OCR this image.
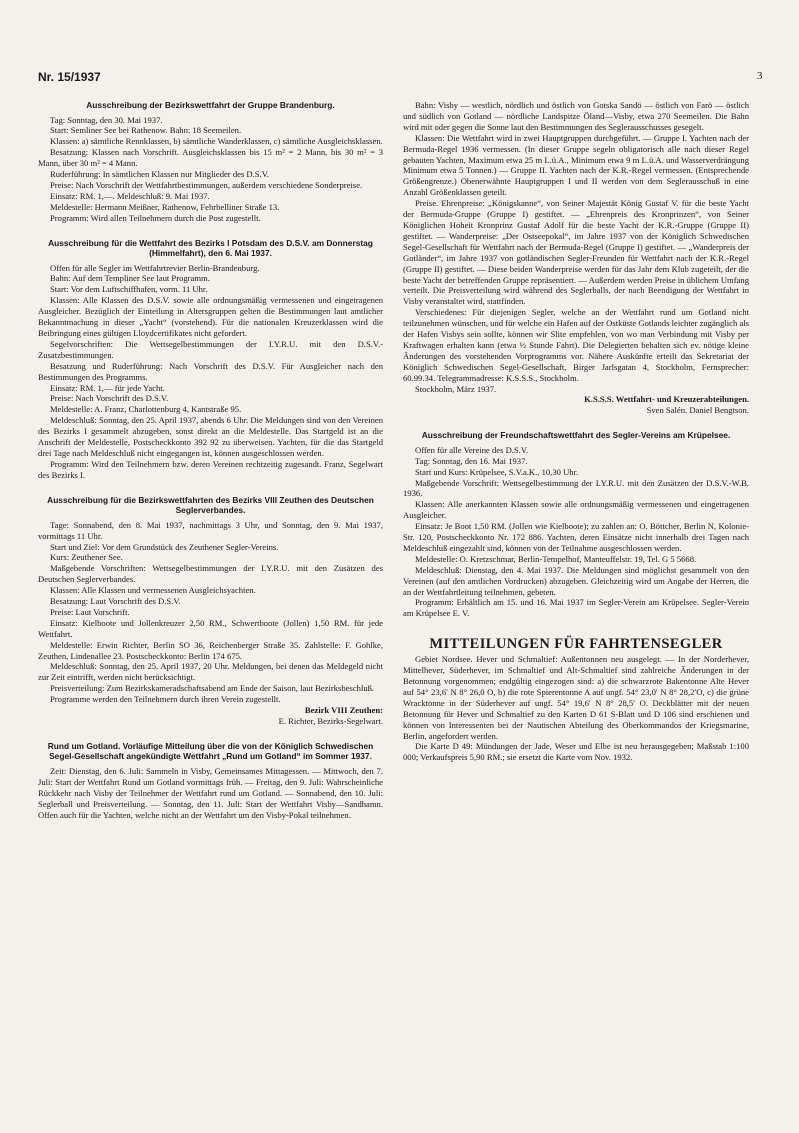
Nr. 15/1937	3
Ausschreibung der Bezirkswettfahrt der Gruppe Brandenburg.

Tag: Sonntag, den 30. Mai 1937.

Start: Semliner See bei Rathenow. Bahn: 18 Seemeilen.

Klassen: a) sämtliche Rennklassen, b) sämtliche Wanderklassen, c) sämtliche Ausgleichsklassen.

Besatzung: Klassen nach Vorschrift. Ausgleichsklassen bis 15 m² = 2 Mann, bis 30 m² = 3 Mann, über 30 m² = 4 Mann.

Ruderführung: In sämtlichen Klassen nur Mitglieder des D.S.V.

Preise: Nach Vorschrift der Wettfahrtbestimmungen, außerdem verschiedene Sonderpreise.

Einsatz: RM. 1,—. Meldeschluß: 9. Mai 1937.

Meldestelle: Hermann Meißner, Rathenow, Fehrbelliner Straße 13.

Programm: Wird allen Teilnehmern durch die Post zugestellt.

Ausschreibung für die Wettfahrt des Bezirks I Potsdam des D.S.V. am Donnerstag (Himmelfahrt), den 6. Mai 1937.

Offen für alle Segler im Wettfahrtrevier Berlin-Brandenburg.

Bahn: Auf dem Templiner See laut Programm.

Start: Vor dem Luftschiffhafen, vorm. 11 Uhr.

Klassen: Alle Klassen des D.S.V. sowie alle ordnungsmäßig vermessenen und eingetragenen Ausgleicher. Bezüglich der Einteilung in Altersgruppen gelten die Bestimmungen laut amtlicher Bekanntmachung in dieser „Yacht“ (vorstehend). Für die nationalen Kreuzerklassen wird die Beibringung eines gültigen Lloydcertifikates nicht gefordert.

Segelvorschriften: Die Wettsegelbestimmungen der I.Y.R.U. mit den D.S.V.-Zusatzbestimmungen.

Besatzung und Ruderführung: Nach Vorschrift des D.S.V. Für Ausgleicher nach den Bestimmungen des Programms.

Einsatz: RM. 1,— für jede Yacht.

Preise: Nach Vorschrift des D.S.V.

Meldestelle: A. Franz, Charlottenburg 4, Kantstraße 95.

Meldeschluß: Sonntag, den 25. April 1937, abends 6 Uhr. Die Meldungen sind von den Vereinen des Bezirks I gesammelt abzugeben, sonst direkt an die Meldestelle. Das Startgeld ist an die Anschrift der Meldestelle, Postscheckkonto 392 92 zu überweisen. Yachten, für die das Startgeld drei Tage nach Meldeschluß nicht eingegangen ist, können ausgeschlossen werden.

Programm: Wird den Teilnehmern bzw. deren Vereinen rechtzeitig zugesandt. Franz, Segelwart des Bezirks I.

Ausschreibung für die Bezirkswettfahrten des Bezirks VIII Zeuthen des Deutschen Seglerverbandes.

Tage: Sonnabend, den 8. Mai 1937, nachmittags 3 Uhr, und Sonntag, den 9. Mai 1937, vormittags 11 Uhr.

Start und Ziel: Vor dem Grundstück des Zeuthener Segler-Vereins.

Kurs: Zeuthener See.

Maßgebende Vorschriften: Wettsegelbestimmungen der I.Y.R.U. mit den Zusätzen des Deutschen Seglerverbandes.

Klassen: Alle Klassen und vermessenen Ausgleichsyachten.

Besatzung: Laut Vorschrift des D.S.V.

Preise: Laut Vorschrift.

Einsatz: Kielboote und Jollenkreuzer 2,50 RM., Schwertboote (Jollen) 1,50 RM. für jede Wettfahrt.

Meldestelle: Erwin Richter, Berlin SO 36, Reichenberger Straße 35. Zahlstelle: F. Gohlke, Zeuthen, Lindenallee 23. Postscheckkonto: Berlin 174 675.

Meldeschluß: Sonntag, den 25. April 1937, 20 Uhr. Meldungen, bei denen das Meldegeld nicht zur Zeit eintrifft, werden nicht berücksichtigt.

Preisverteilung: Zum Bezirkskameradschaftsabend am Ende der Saison, laut Bezirksbeschluß.

Programme werden den Teilnehmern durch ihren Verein zugestellt.

Bezirk VIII Zeuthen:

E. Richter, Bezirks-Segelwart.

Rund um Gotland. Vorläufige Mitteilung über die von der Königlich Schwedischen Segel-Gesellschaft angekündigte Wettfahrt „Rund um Gotland“ im Sommer 1937.

Zeit: Dienstag, den 6. Juli: Sammeln in Visby, Gemeinsames Mittagessen. — Mittwoch, den 7. Juli: Start der Wettfahrt Rund um Gotland vormittags früh. — Freitag, den 9. Juli: Wahrscheinliche Rückkehr nach Visby der Teilnehmer der Wettfahrt rund um Gotland. — Sonnabend, den 10. Juli: Seglerball und Preisverteilung. — Sonntag, den 11. Juli: Start der Wettfahrt Visby—Sandhamn. Offen auch für die Yachten, welche nicht an der Wettfahrt um den Visby-Pokal teilnehmen.

Bahn: Visby — westlich, nördlich und östlich von Gotska Sandö — östlich von Farö — östlich und südlich von Gotland — nördliche Landspitze Öland—Visby, etwa 270 Seemeilen. Die Bahn wird mit oder gegen die Sonne laut den Bestimmungen des Seglerausschusses gesegelt.

Klassen: Die Wettfahrt wird in zwei Hauptgruppen durchgeführt. — Gruppe I. Yachten nach der Bermuda-Regel 1936 vermessen. (In dieser Gruppe segeln obligatorisch alle nach dieser Regel gebauten Yachten, Maximum etwa 25 m L.ü.A., Minimum etwa 9 m L.ü.A. und Wasserverdrängung Minimum etwa 5 Tonnen.) — Gruppe II. Yachten nach der K.R.-Regel vermessen. (Entsprechende Größengrenze.) Obenerwähnte Hauptgruppen I und II werden von dem Seglerausschuß in eine Anzahl Größenklassen geteilt.

Preise. Ehrenpreise: „Königskanne“, von Seiner Majestät König Gustaf V. für die beste Yacht der Bermuda-Gruppe (Gruppe I) gestiftet. — „Ehrenpreis des Kronprinzen“, von Seiner Königlichen Hoheit Kronprinz Gustaf Adolf für die beste Yacht der K.R.-Gruppe (Gruppe II) gestiftet. — Wanderpreise: „Der Ostseepokal“, im Jahre 1937 von der Königlich Schwedischen Segel-Gesellschaft für Wettfahrt nach der Bermuda-Regel (Gruppe I) gestiftet. — „Wanderpreis der Gotländer“, im Jahre 1937 von gotländischen Segler-Freunden für Wettfahrt nach der K.R.-Regel (Gruppe II) gestiftet. — Diese beiden Wanderpreise werden für das Jahr dem Klub zugeteilt, der die beste Yacht der betreffenden Gruppe repräsentiert. — Außerdem werden Preise in üblichem Umfang verteilt. Die Preisverteilung wird während des Seglerballs, der nach Beendigung der Wettfahrt in Visby veranstaltet wird, stattfinden.

Verschiedenes: Für diejenigen Segler, welche an der Wettfahrt rund um Gotland nicht teilzunehmen wünschen, und für welche ein Hafen auf der Ostküste Gotlands leichter zugänglich als der Hafen Visbys sein sollte, können wir Slite empfehlen, von wo man Verbindung mit Visby per Kraftwagen erhalten kann (etwa ½ Stunde Fahrt). Die Delegierten behalten sich ev. nötige kleine Änderungen des vorstehenden Vorprogramms vor. Nähere Auskünfte erteilt das Sekretariat der Königlich Schwedischen Segel-Gesellschaft, Birger Jarlsgatan 4, Stockholm, Fernsprecher: 60.99.34. Telegrammadresse: K.S.S.S., Stockholm.

Stockholm, März 1937.

K.S.S.S. Wettfahrt- und Kreuzerabteilungen.

Sven Salén. Daniel Bengtson.

Ausschreibung der Freundschaftswettfahrt des Segler-Vereins am Krüpelsee.

Offen für alle Vereine des D.S.V.

Tag: Sonntag, den 16. Mai 1937.

Start und Kurs: Krüpelsee, S.V.a.K., 10,30 Uhr.

Maßgebende Vorschrift: Wettsegelbestimmung der I.Y.R.U. mit den Zusätzen der D.S.V.-W.B. 1936.

Klassen: Alle anerkannten Klassen sowie alle ordnungsmäßig vermessenen und eingetragenen Ausgleicher.

Einsatz: Je Boot 1,50 RM. (Jollen wie Kielboote); zu zahlen an: O. Böttcher, Berlin N, Kolonie-Str. 120, Postscheckkonto Nr. 172 886. Yachten, deren Einsätze nicht innerhalb drei Tagen nach Meldeschluß eingezahlt sind, können von der Teilnahme ausgeschlossen werden.

Meldestelle: O. Kretzschmar, Berlin-Tempelhof, Manteuffelstr. 19, Tel. G 5 5668.

Meldeschluß: Dienstag, den 4. Mai 1937. Die Meldungen sind möglichst gesammelt von den Vereinen (auf den amtlichen Vordrucken) abzugeben. Gleichzeitig wird um Angabe der Herren, die an der Wettfahrtleitung teilnehmen, gebeten.

Programm: Erhältlich am 15. und 16. Mai 1937 im Segler-Verein am Krüpelsee. Segler-Verein am Krüpelsee E. V.

MITTEILUNGEN FÜR FAHRTENSEGLER

Gebiet Nordsee. Hever und Schmaltief: Außentonnen neu ausgelegt. — In der Norderhever, Mittelhever, Süderhever, im Schmaltief und Alt-Schmaltief sind zahlreiche Änderungen in der Betonnung vorgenommen; endgültig eingezogen sind: a) die schwarzrote Bakentonne Alte Hever auf 54° 23,6′ N 8° 26,0 O, b) die rote Spierentonne A auf ungf. 54° 23,0′ N 8° 28,2′O, c) die grüne Wracktonne in der Süderhever auf ungf. 54° 19,6′ N 8° 28,5′ O. Deckblätter mit der neuen Betonnung für Hever und Schmaltief zu den Karten D 61 S-Blatt und D 106 sind erschienen und können von Interessenten bei der Nautischen Abteilung des Oberkommandos der Kriegsmarine, Berlin, angefordert werden.

Die Karte D 49: Mündungen der Jade, Weser und Elbe ist neu herausgegeben; Maßstab 1:100 000; Verkaufspreis 5,90 RM.; sie ersetzt die Karte vom Nov. 1932.
